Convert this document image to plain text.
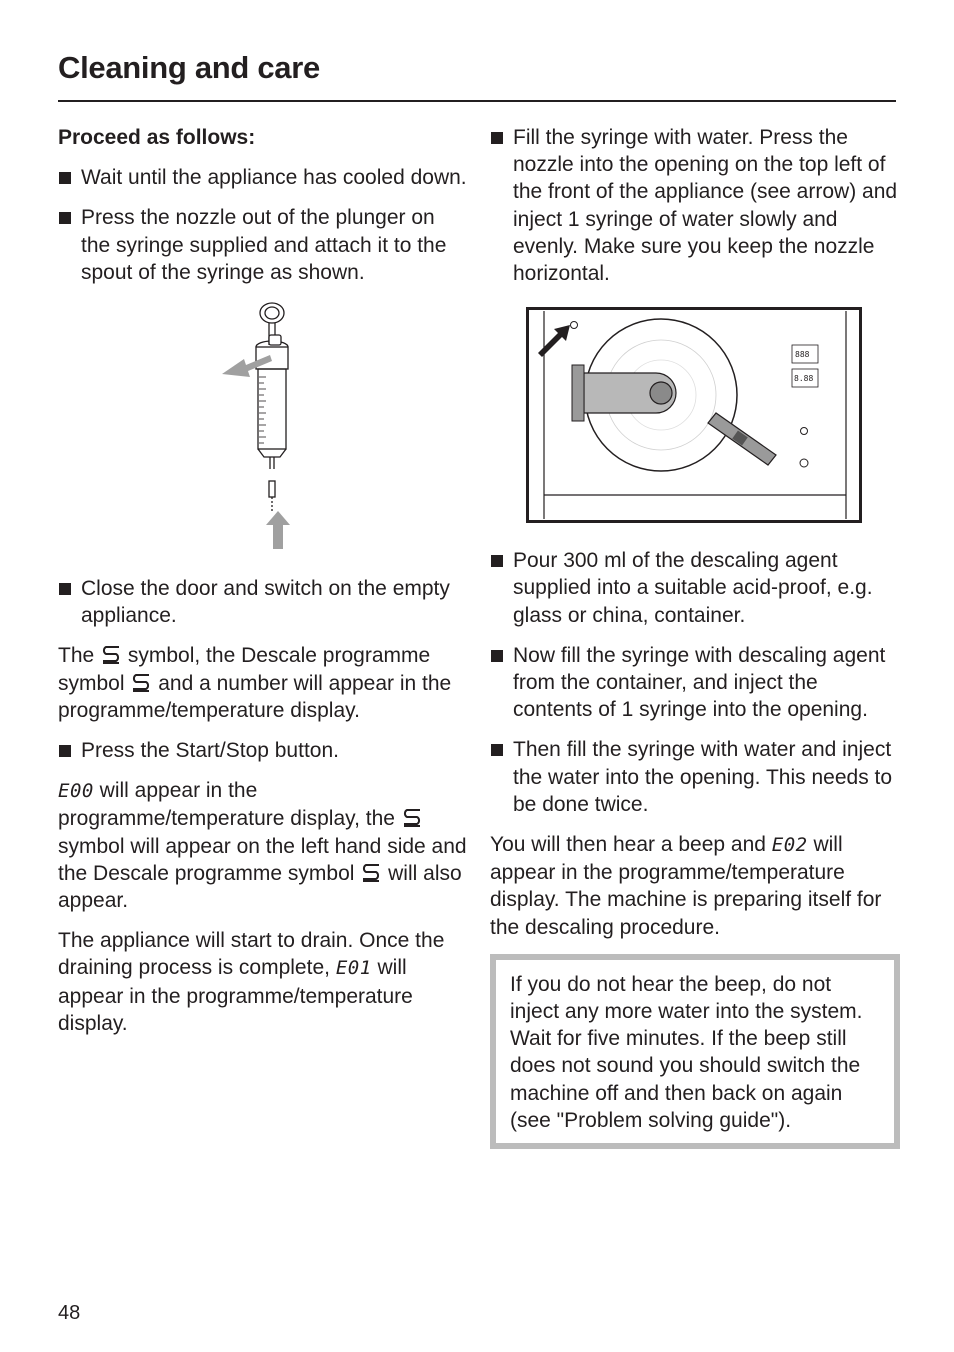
Cleaning and care

Proceed as follows:

Wait until the appliance has cooled down.

Press the nozzle out of the plunger on the syringe supplied and attach it to the spout of the syringe as shown.

Close the door and switch on the empty appliance.

The symbol, the Descale programme symbol and a number will appear in the programme/temperature display.

Press the Start/Stop button.

E00 will appear in the programme/temperature display, the  symbol will appear on the left hand side and the Descale programme symbol will also appear.

The appliance will start to drain. Once the draining process is complete, E01 will appear in the programme/temperature display.

Fill the syringe with water. Press the nozzle into the opening on the top left of the front of the appliance (see arrow) and inject 1 syringe of water slowly and evenly. Make sure you keep the nozzle horizontal.

888
8.88

Pour 300 ml of the descaling agent supplied into a suitable acid-proof, e.g. glass or china, container.

Now fill the syringe with descaling agent from the container, and inject the contents of 1 syringe into the opening.

Then fill the syringe with water and inject the water into the opening. This needs to be done twice.

You will then hear a beep and E02 will appear in the programme/temperature display. The machine is preparing itself for the descaling procedure.

If you do not hear the beep, do not inject any more water into the system.
Wait for five minutes. If the beep still does not sound you should switch the machine off and then back on again (see "Problem solving guide").
48
